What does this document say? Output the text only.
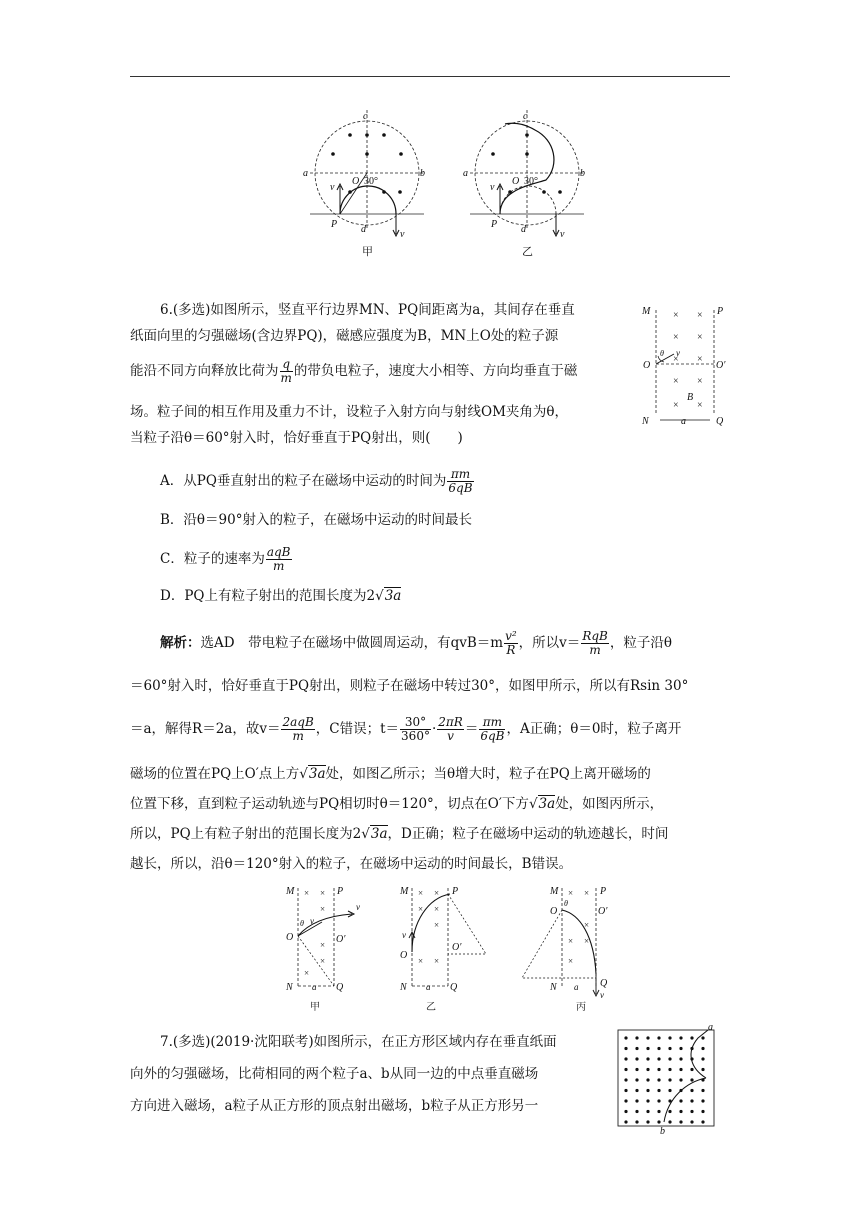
c
a	b
O 30°
v
P d	v
甲
c
a	b
O 30°
v
P d	v
乙
6.(多选)如图所示，竖直平行边界MN、PQ间距离为a，其间存在垂直
纸面向里的匀强磁场(含边界PQ)，磁感应强度为B，MN上O处的粒子源
能沿不同方向释放比荷为 $\frac{q}{m}$ 的带负电粒子，速度大小相等、方向均垂直于磁
场。粒子间的相互作用及重力不计，设粒子入射方向与射线OM夹角为θ，
当粒子沿θ＝60°射入时，恰好垂直于PQ射出，则(　　)
× ×
× ×
× ×
× ×
× ×
M	P
O
θ v
O′
B
N	a	Q
A．从PQ垂直射出的粒子在磁场中运动的时间为 $\frac{\pi m}{6qB}$
B．沿θ＝90°射入的粒子，在磁场中运动的时间最长
C．粒子的速率为 $\frac{\text{aqB}}{m}$
D．PQ上有粒子射出的范围长度为2√3a
解析：选AD　带电粒子在磁场中做圆周运动，有$qvB=m \frac{\text{v²}}{R}$ ，所以$v= \frac{\text{RqB}}{m}$ ，粒子沿θ
＝60°射入时，恰好垂直于PQ射出，则粒子在磁场中转过30°，如图甲所示，所以有Rsin 30°
＝a，解得R＝2a，故$v= \frac{\text{2aqB}}{m}$ ，C错误；$t= \frac{30^\circ}{360^\circ} \cdot \frac{2\pi R}{v} = \frac{\pi m}{6qB}$ ，A正确；θ＝0时，粒子离开
磁场的位置在PQ上O′点上方√3a处，如图乙所示；当θ增大时，粒子在PQ上离开磁场的
位置下移，直到粒子运动轨迹与PQ相切时θ＝120°，切点在O′下方√3a处，如图丙所示，
所以，PQ上有粒子射出的范围长度为2√3a，D正确；粒子在磁场中运动的轨迹越长，时间
越长，所以，沿θ＝120°射入的粒子，在磁场中运动的时间最长，B错误。
× ×
×
×
×
×
M	P
O
θ v
v
O′
N a Q
甲
× ×
× ×
×
× ×
M	P
v
O
O′
N a Q
乙
× ×
×
× ×
×
M	P
O
θ
O′
N a Q
v
丙
7.(多选)(2019·沈阳联考)如图所示，在正方形区域内存在垂直纸面
向外的匀强磁场，比荷相同的两个粒子a、b从同一边的中点垂直磁场
方向进入磁场，a粒子从正方形的顶点射出磁场，b粒子从正方形另一
a
b
